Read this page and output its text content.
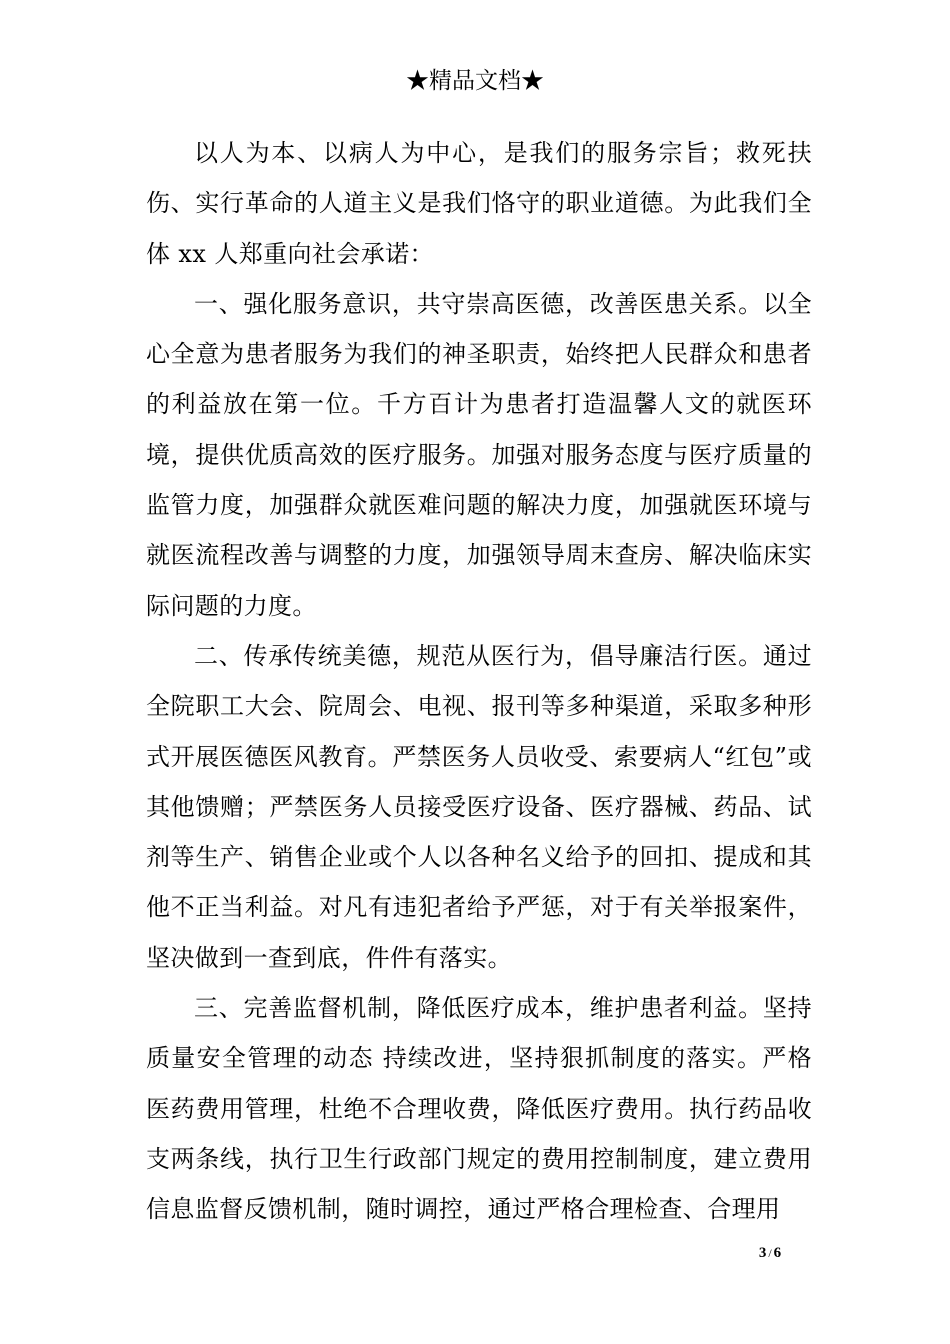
★精品文档★

以人为本、以病人为中心，是我们的服务宗旨；救死扶伤、实行革命的人道主义是我们恪守的职业道德。为此我们全体 xx 人郑重向社会承诺：

一、强化服务意识，共守崇高医德，改善医患关系。以全心全意为患者服务为我们的神圣职责，始终把人民群众和患者的利益放在第一位。千方百计为患者打造温馨人文的就医环境，提供优质高效的医疗服务。加强对服务态度与医疗质量的监管力度，加强群众就医难问题的解决力度，加强就医环境与就医流程改善与调整的力度，加强领导周末查房、解决临床实际问题的力度。

二、传承传统美德，规范从医行为，倡导廉洁行医。通过全院职工大会、院周会、电视、报刊等多种渠道，采取多种形式开展医德医风教育。严禁医务人员收受、索要病人“红包”或其他馈赠；严禁医务人员接受医疗设备、医疗器械、药品、试剂等生产、销售企业或个人以各种名义给予的回扣、提成和其他不正当利益。对凡有违犯者给予严惩，对于有关举报案件，坚决做到一查到底，件件有落实。

三、完善监督机制，降低医疗成本，维护患者利益。坚持质量安全管理的动态 持续改进，坚持狠抓制度的落实。严格医药费用管理，杜绝不合理收费，降低医疗费用。执行药品收支两条线，执行卫生行政部门规定的费用控制制度，建立费用信息监督反馈机制，随时调控，通过严格合理检查、合理用

3 / 6
